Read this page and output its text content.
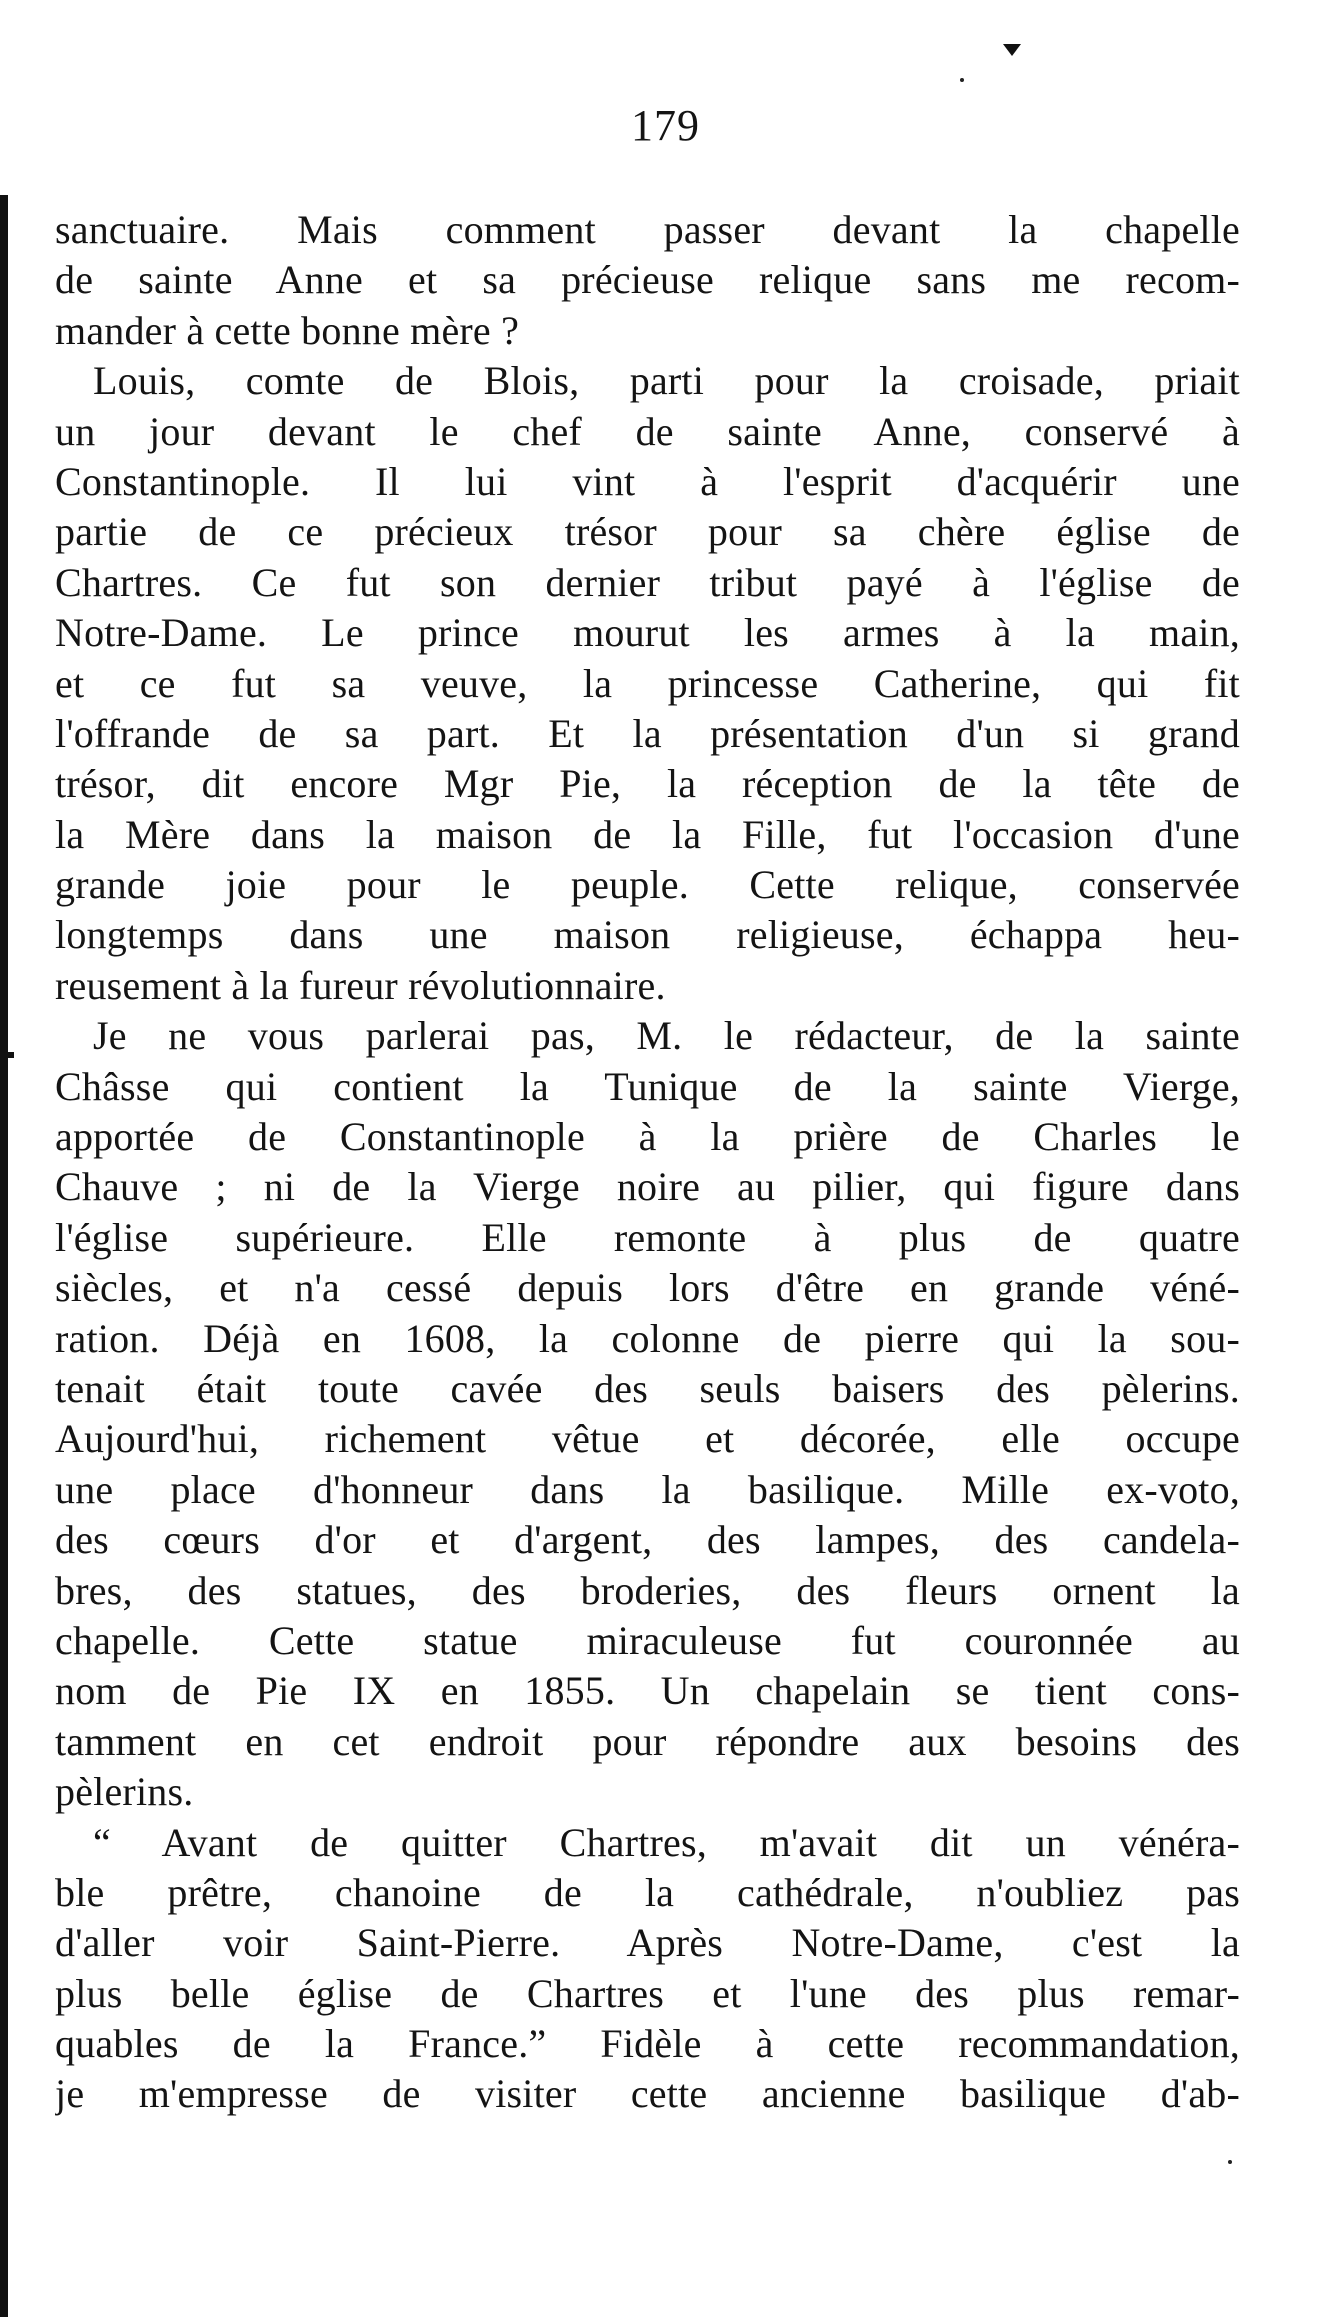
179
sanctuaire. Mais comment passer devant la chapelle
de sainte Anne et sa précieuse relique sans me recom-
mander à cette bonne mère ?
Louis, comte de Blois, parti pour la croisade, priait
un jour devant le chef de sainte Anne, conservé à
Constantinople. Il lui vint à l'esprit d'acquérir une
partie de ce précieux trésor pour sa chère église de
Chartres. Ce fut son dernier tribut payé à l'église de
Notre-Dame. Le prince mourut les armes à la main,
et ce fut sa veuve, la princesse Catherine, qui fit
l'offrande de sa part. Et la présentation d'un si grand
trésor, dit encore Mgr Pie, la réception de la tête de
la Mère dans la maison de la Fille, fut l'occasion d'une
grande joie pour le peuple. Cette relique, conservée
longtemps dans une maison religieuse, échappa heu-
reusement à la fureur révolutionnaire.
Je ne vous parlerai pas, M. le rédacteur, de la sainte
Châsse qui contient la Tunique de la sainte Vierge,
apportée de Constantinople à la prière de Charles le
Chauve ; ni de la Vierge noire au pilier, qui figure dans
l'église supérieure. Elle remonte à plus de quatre
siècles, et n'a cessé depuis lors d'être en grande véné-
ration. Déjà en 1608, la colonne de pierre qui la sou-
tenait était toute cavée des seuls baisers des pèlerins.
Aujourd'hui, richement vêtue et décorée, elle occupe
une place d'honneur dans la basilique. Mille ex-voto,
des cœurs d'or et d'argent, des lampes, des candela-
bres, des statues, des broderies, des fleurs ornent la
chapelle. Cette statue miraculeuse fut couronnée au
nom de Pie IX en 1855. Un chapelain se tient cons-
tamment en cet endroit pour répondre aux besoins des
pèlerins.
“ Avant de quitter Chartres, m'avait dit un vénéra-
ble prêtre, chanoine de la cathédrale, n'oubliez pas
d'aller voir Saint-Pierre. Après Notre-Dame, c'est la
plus belle église de Chartres et l'une des plus remar-
quables de la France.” Fidèle à cette recommandation,
je m'empresse de visiter cette ancienne basilique d'ab-
